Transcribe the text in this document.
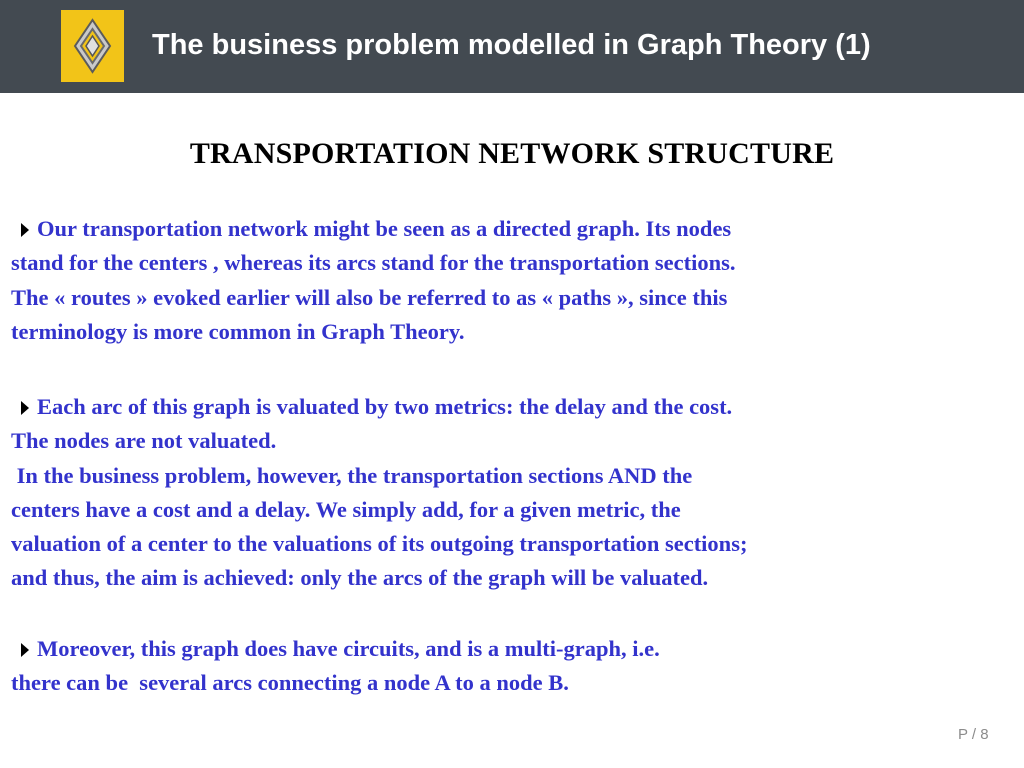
The business problem modelled in Graph Theory (1)
TRANSPORTATION NETWORK STRUCTURE
Our transportation network might be seen as a directed graph. Its nodes
stand for the centers , whereas its arcs stand for the transportation sections.
The « routes » evoked earlier will also be referred to as « paths », since this
terminology is more common in Graph Theory.
Each arc of this graph is valuated by two metrics: the delay and the cost.
The nodes are not valuated.
In the business problem, however, the transportation sections AND the
centers have a cost and a delay. We simply add, for a given metric, the
valuation of a center to the valuations of its outgoing transportation sections;
and thus, the aim is achieved: only the arcs of the graph will be valuated.
Moreover, this graph does have circuits, and is a multi-graph, i.e.
there can be  several arcs connecting a node A to a node B.
P / 8
